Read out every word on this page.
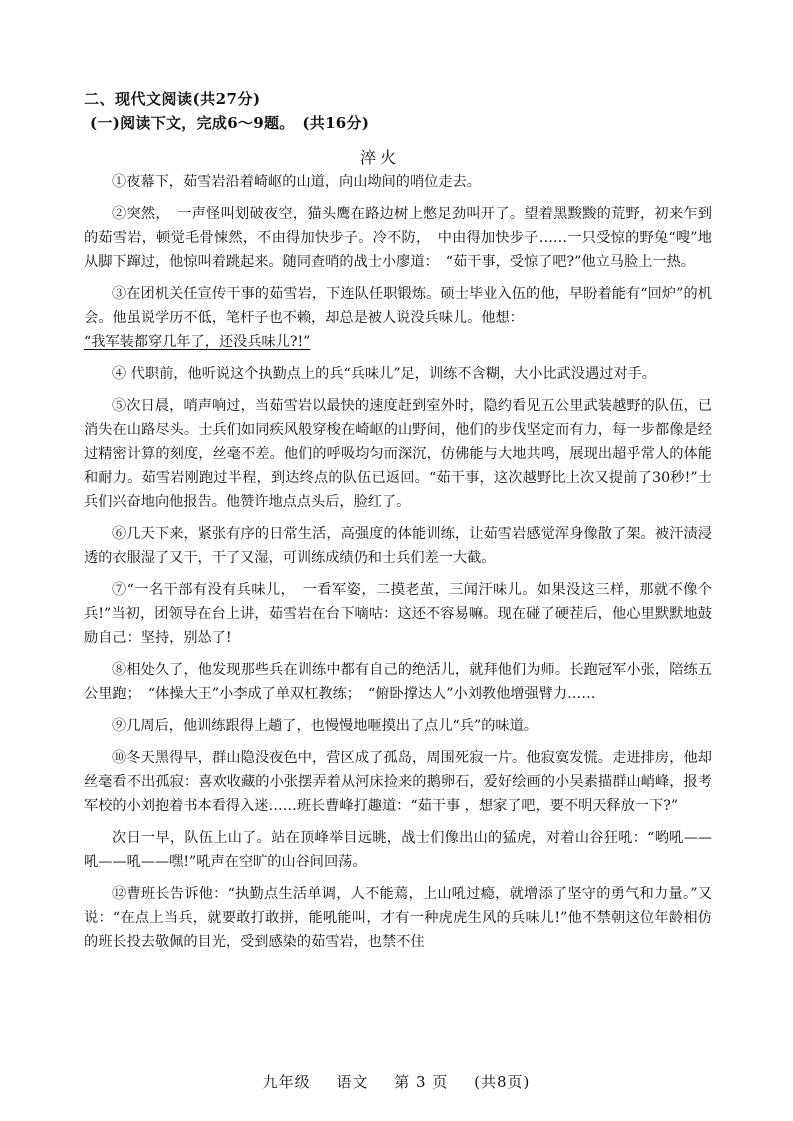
二、现代文阅读(共27分)
(一)阅读下文，完成6～9题。　(共16分)
淬火

①夜幕下，茹雪岩沿着崎岖的山道，向山坳间的哨位走去。

②突然，　一声怪叫划破夜空，猫头鹰在路边树上憋足劲叫开了。望着黑黢黢的荒野，初来乍到的茹雪岩，顿觉毛骨悚然，不由得加快步子。冷不防，　中由得加快步子……一只受惊的野兔“嗖”地从脚下蹿过，他惊叫着跳起来。随同查哨的战士小廖道：　“茹干事，受惊了吧?”他立马脸上一热。

③在团机关任宣传干事的茹雪岩，下连队任职锻炼。硕士毕业入伍的他，早盼着能有“回炉”的机会。他虽说学历不低，笔杆子也不赖，却总是被人说没兵味儿。他想：

“我军装都穿几年了，还没兵味儿?!”

④ 代职前，他听说这个执勤点上的兵“兵味儿”足，训练不含糊，大小比武没遇过对手。

⑤次日晨，哨声响过，当茹雪岩以最快的速度赶到室外时，隐约看见五公里武装越野的队伍，已消失在山路尽头。士兵们如同疾风般穿梭在崎岖的山野间，他们的步伐坚定而有力，每一步都像是经过精密计算的刻度，丝毫不差。他们的呼吸均匀而深沉，仿佛能与大地共鸣，展现出超乎常人的体能和耐力。茹雪岩刚跑过半程，到达终点的队伍已返回。“茹干事，这次越野比上次又提前了30秒!”士兵们兴奋地向他报告。他赞许地点点头后，脸红了。

⑥几天下来，紧张有序的日常生活，高强度的体能训练，让茹雪岩感觉浑身像散了架。被汗渍浸透的衣服湿了又干，干了又湿，可训练成绩仍和士兵们差一大截。

⑦“一名干部有没有兵味儿，　一看军姿，二摸老茧，三闻汗味儿。如果没这三样，那就不像个兵!”当初，团领导在台上讲，茹雪岩在台下嘀咕：这还不容易嘛。现在碰了硬茬后，他心里默默地鼓励自己：坚持，别怂了!

⑧相处久了，他发现那些兵在训练中都有自己的绝活儿，就拜他们为师。长跑冠军小张，陪练五公里跑；　“体操大王”小李成了单双杠教练；　“俯卧撑达人”小刘教他增强臂力……

⑨几周后，他训练跟得上趟了，也慢慢地咂摸出了点儿“兵”的味道。

⑩冬天黑得早，群山隐没夜色中，营区成了孤岛，周围死寂一片。他寂寞发慌。走进排房，他却丝毫看不出孤寂：喜欢收藏的小张摆弄着从河床捡来的鹅卵石，爱好绘画的小吴素描群山峭峰，报考军校的小刘抱着书本看得入迷……班长曹峰打趣道：“茹干事 ，想家了吧，要不明天释放一下?”

次日一早，队伍上山了。站在顶峰举目远眺，战士们像出山的猛虎，对着山谷狂吼：“哟吼——吼——吼——嘿!”吼声在空旷的山谷间回荡。

⑫曹班长告诉他：“执勤点生活单调，人不能蔫，上山吼过瘾，就增添了坚守的勇气和力量。”又说：“在点上当兵，就要敢打敢拼，能吼能叫，才有一种虎虎生风的兵味儿!”他不禁朝这位年龄相仿的班长投去敬佩的目光，受到感染的茹雪岩，也禁不住

九年级 语文 第 3 页 (共8页)
